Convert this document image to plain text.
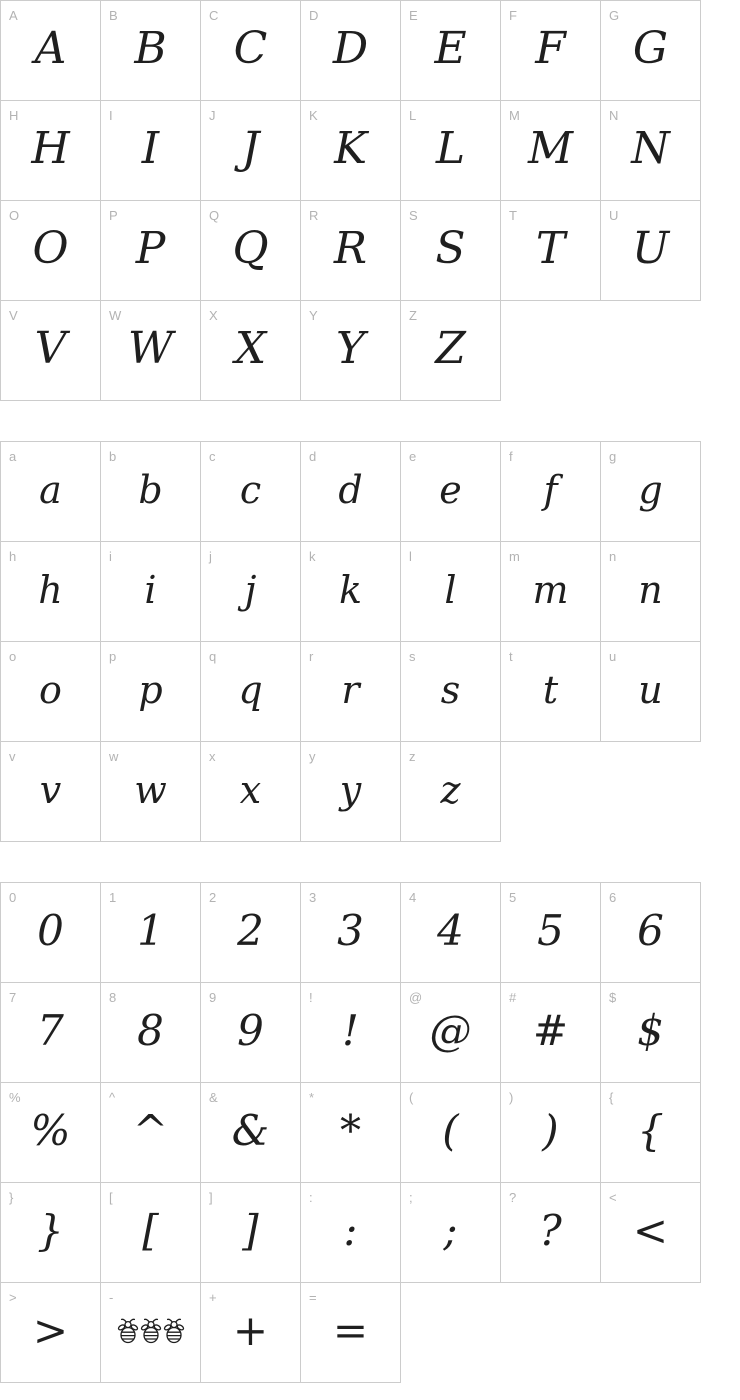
A
A
B
B
C
C
D
D
E
E
F
F
G
G
H
H
I
I
J
J
K
K
L
L
M
M
N
N
O
O
P
P
Q
Q
R
R
S
S
T
T
U
U
V
V
W
W
X
X
Y
Y
Z
Z
a
a
b
b
c
c
d
d
e
e
f
f
g
g
h
h
i
i
j
j
k
k
l
l
m
m
n
n
o
o
p
p
q
q
r
r
s
s
t
t
u
u
v
v
w
w
x
x
y
y
z
z
0
0
1
1
2
2
3
3
4
4
5
5
6
6
7
7
8
8
9
9
!
!
@
@
#
#
$
$
%
%
^
^
&
&
*
*
(
(
)
)
{
{
}
}
[
[
]
]
:
:
;
;
?
?
<
<
>
>
-	+
+
=
=
